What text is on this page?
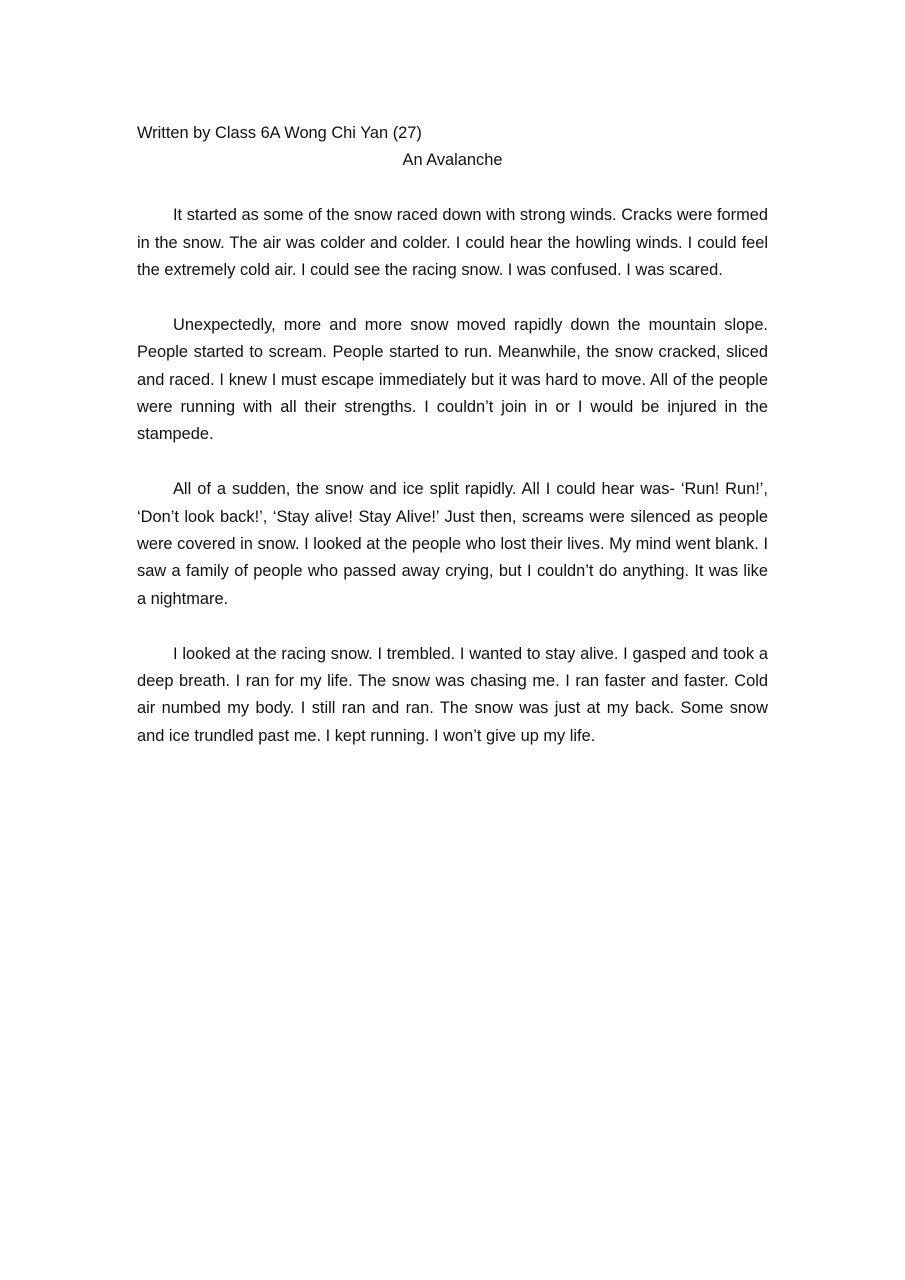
Written by Class 6A Wong Chi Yan (27)

An Avalanche

It started as some of the snow raced down with strong winds. Cracks were formed in the snow. The air was colder and colder. I could hear the howling winds. I could feel the extremely cold air. I could see the racing snow. I was confused. I was scared.

Unexpectedly, more and more snow moved rapidly down the mountain slope. People started to scream. People started to run. Meanwhile, the snow cracked, sliced and raced. I knew I must escape immediately but it was hard to move. All of the people were running with all their strengths. I couldn’t join in or I would be injured in the stampede.

All of a sudden, the snow and ice split rapidly. All I could hear was- ‘Run! Run!’, ‘Don’t look back!’, ‘Stay alive! Stay Alive!’ Just then, screams were silenced as people were covered in snow. I looked at the people who lost their lives. My mind went blank. I saw a family of people who passed away crying, but I couldn’t do anything. It was like a nightmare.

I looked at the racing snow. I trembled. I wanted to stay alive. I gasped and took a deep breath. I ran for my life. The snow was chasing me. I ran faster and faster. Cold air numbed my body. I still ran and ran. The snow was just at my back. Some snow and ice trundled past me. I kept running. I won’t give up my life.
